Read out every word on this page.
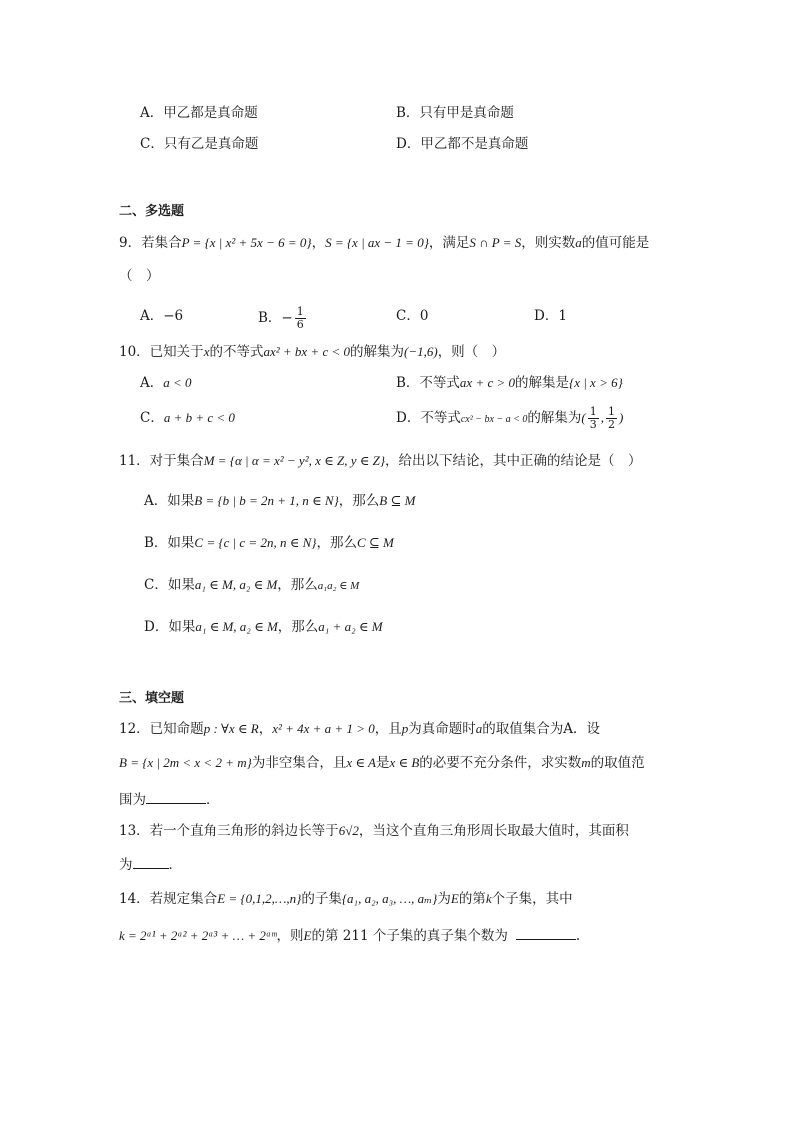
A．甲乙都是真命题	B．只有甲是真命题
C．只有乙是真命题	D．甲乙都不是真命题
二、多选题
9．若集合P = {x | x² + 5x − 6 = 0}，S = {x | ax − 1 = 0}，满足S ∩ P = S，则实数a的值可能是
（　）
A．−6	B．− $\frac{1}{6}$	C．0	D．1
10．已知关于x的不等式ax² + bx + c < 0的解集为(−1,6)，则（　）
A．a < 0	B．不等式ax + c > 0的解集是{x | x > 6}
C．a + b + c < 0	D．不等式cx² − bx − a < 0的解集为( $\frac{1}{3}$ , $\frac{1}{2}$ )
11．对于集合M = {α | α = x² − y², x ∈ Z, y ∈ Z}，给出以下结论，其中正确的结论是（　）
A．如果B = {b | b = 2n + 1, n ∈ N}，那么B ⊆ M
B．如果C = {c | c = 2n, n ∈ N}，那么C ⊆ M
C．如果a₁ ∈ M, a₂ ∈ M，那么a₁a₂ ∈ M
D．如果a₁ ∈ M, a₂ ∈ M，那么a₁ + a₂ ∈ M
三、填空题
12．已知命题p : ∀x ∈ R，x² + 4x + a + 1 > 0，且p为真命题时a的取值集合为A．设
B = {x | 2m < x < 2 + m}为非空集合，且x ∈ A是x ∈ B的必要不充分条件，求实数m的取值范
围为	．
13．若一个直角三角形的斜边长等于6√2，当这个直角三角形周长取最大值时，其面积
为	．
14．若规定集合E = {0,1,2,…,n}的子集{a₁, a₂, a₃, …, aₘ}为E的第k个子集，其中
k = 2ᵃ¹ + 2ᵃ² + 2ᵃ³ + … + 2ᵃᵐ，则E的第 211 个子集的真子集个数为	.
